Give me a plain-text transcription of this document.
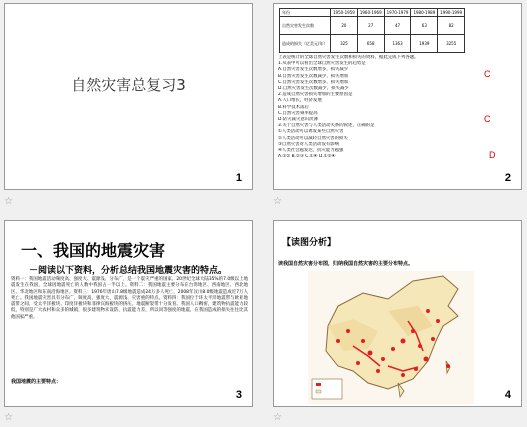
自然灾害总复习3
1
☆
年份	1950-1959	1960-1969	1970-1979	1980-1989	1990-1999
自然灾害发生次数	20	27	47	63	82
造成的损失（亿美元/年）	325	658	1363	1939	3255
上表是统计的全球自然灾害发生次数和损失的资料，据此完成下列各题。
1.从表中可以看出全球自然灾害发生的趋势是
A.自然灾害发生次数增多，损失减少
B.自然灾害发生次数减少，损失增加
C.自然灾害发生次数增多，损失增加
D.自然灾害发生次数减少，损失减少
2.造成自然灾害损失增加的主要原因是
A.人口增长，经济发展
B.科学技术落后
C.自然灾害频率提高
D.防灾减灾意识淡薄
3.关于自然灾害与人类活动关系的叙述，正确的是
①人类活动可以诱发某些自然灾害
②人类活动可以减轻自然灾害的损失
③自然灾害对人类活动没有影响
④人类社会越发达，抗灾能力越强
A.①② B.②③ C.①④ D.①②④
C
C
D
2
☆
一、我国的地震灾害
－阅读以下资料，分析总结我国地震灾害的特点。
资料一：我国地震活动频度高、强度大、震源浅、分布广，是一个震灾严重的国家。20世纪全球大陆35%的7.0级以上地震发生在我国，全球因地震死亡的人数中我国占一半以上。资料二：我国地震主要分布在台湾地区、西南地区、西北地区、华北地区和东南沿海地区。资料三：1976年唐山7.8级地震造成24万多人死亡，2008年汶川8.0级地震造成近7万人死亡。我国地震灾害具有分布广、频度高、强度大、震源浅、灾害重的特点。资料四：我国位于环太平洋地震带与欧亚地震带之间，受太平洋板块、印度洋板块和菲律宾海板块的挤压，地震断裂带十分发育。我国人口稠密，建筑物抗震能力较低，特别是广大农村和众多的城镇，很多建筑物未设防，抗震能力差，所以同等强度的地震，在我国造成的损失往往比其他国家严重。
我国地震的主要特点：
3
☆
【读图分析】
读我国自然灾害分布图，归纳我国自然灾害的主要分布特点。
4
☆
